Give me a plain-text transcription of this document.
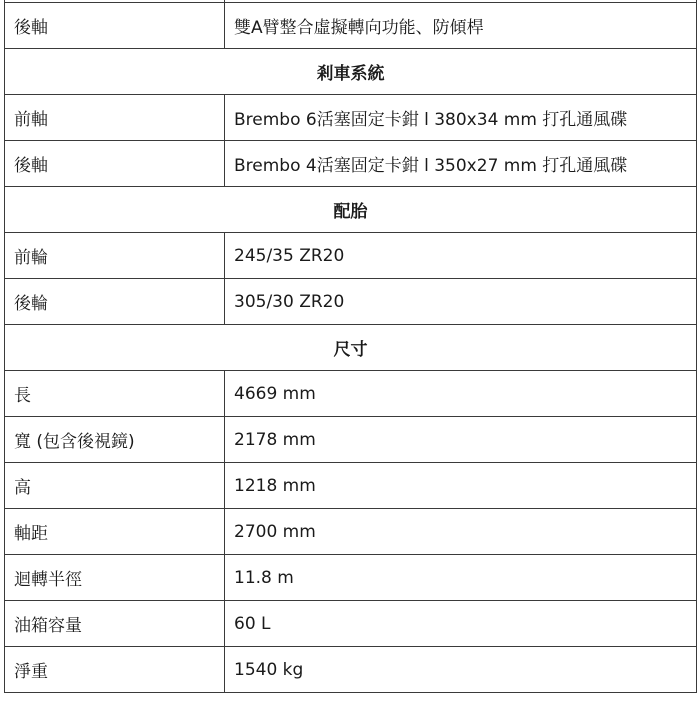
後軸	雙A臂整合虛擬轉向功能、防傾桿
剎車系統	
前軸	Brembo 6活塞固定卡鉗 l 380x34 mm 打孔通風碟
後軸	Brembo 4活塞固定卡鉗 l 350x27 mm 打孔通風碟
配胎	
前輪	245/35 ZR20
後輪	305/30 ZR20
尺寸	
長	4669 mm
寬 (包含後視鏡)	2178 mm
高	1218 mm
軸距	2700 mm
迴轉半徑	11.8 m
油箱容量	60 L
淨重	1540 kg
